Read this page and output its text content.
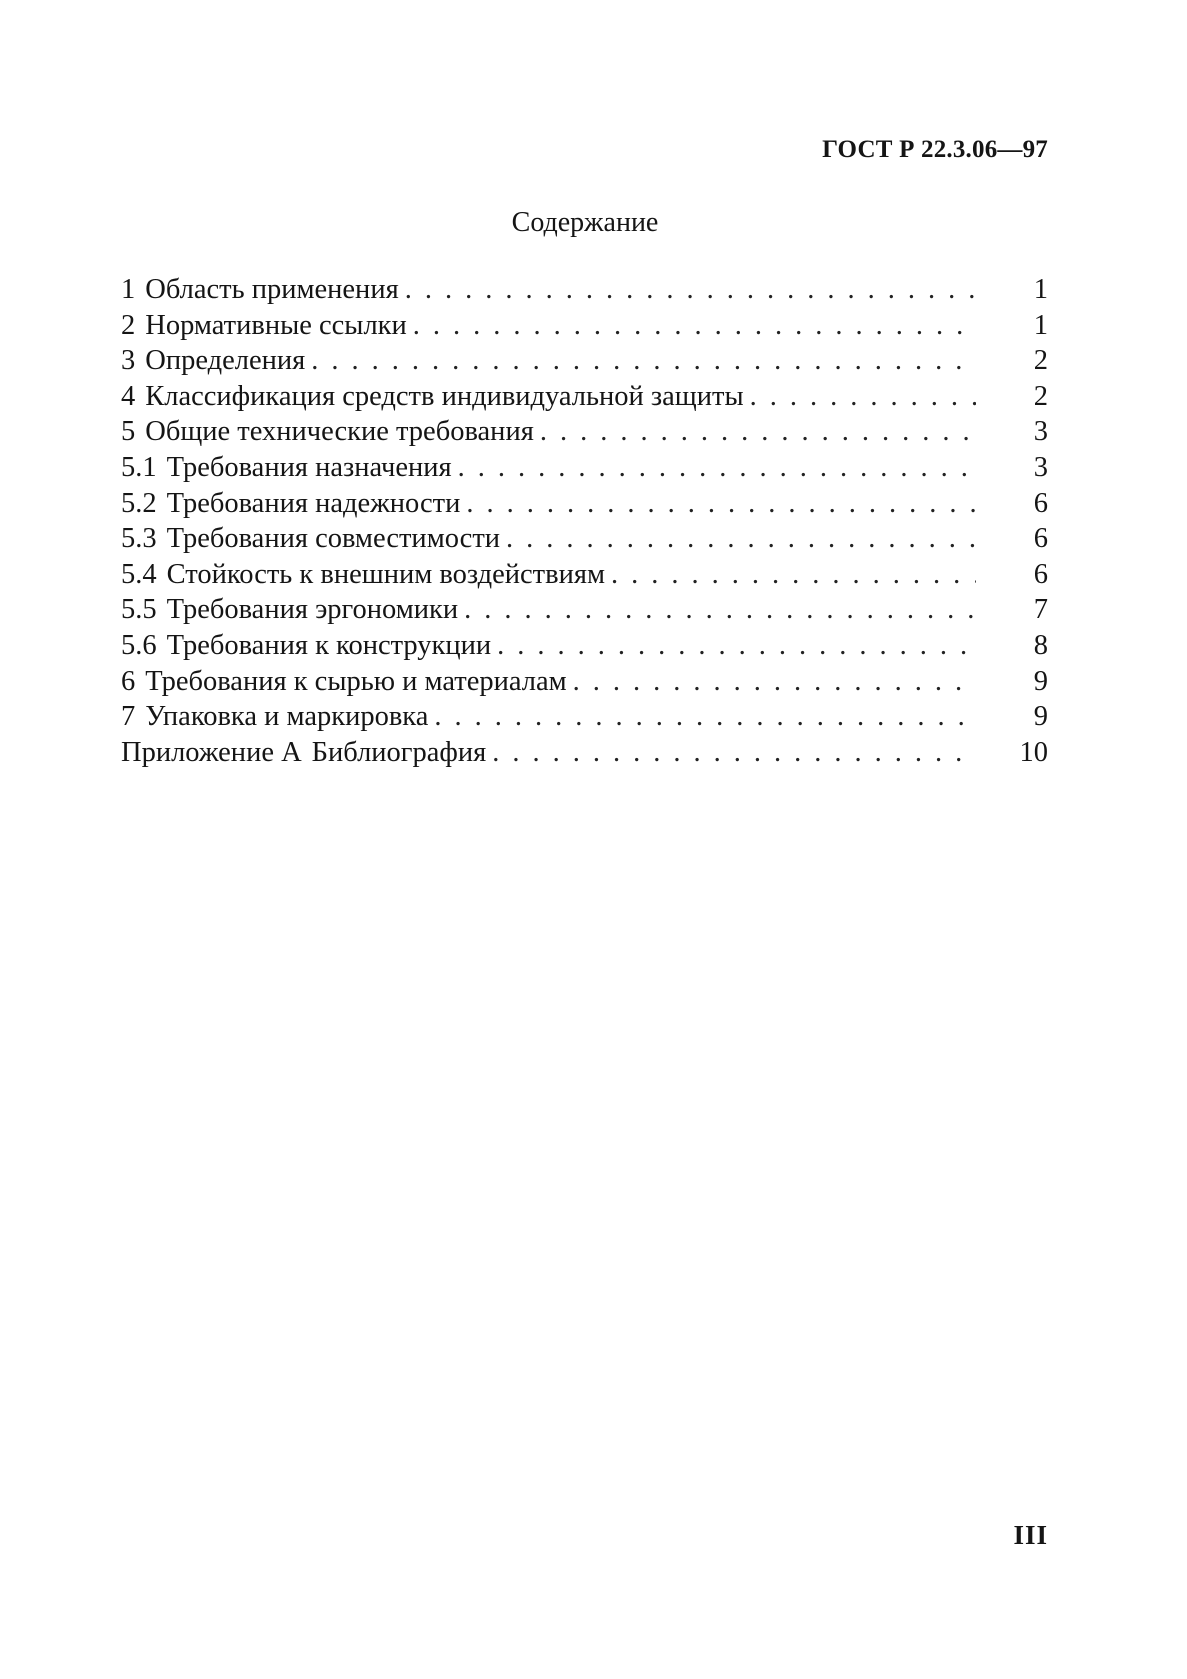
ГОСТ Р 22.3.06—97
Содержание
1 Область применения .....	1
2 Нормативные ссылки .....	1
3 Определения .....	2
4 Классификация средств индивидуальной защиты .....	2
5 Общие технические требования .....	3
5.1 Требования назначения .....	3
5.2 Требования надежности .....	6
5.3 Требования совместимости .....	6
5.4 Стойкость к внешним воздействиям .....	6
5.5 Требования эргономики .....	7
5.6 Требования к конструкции .....	8
6 Требования к сырью и материалам .....	9
7 Упаковка и маркировка .....	9
Приложение А Библиография .....	10
III
